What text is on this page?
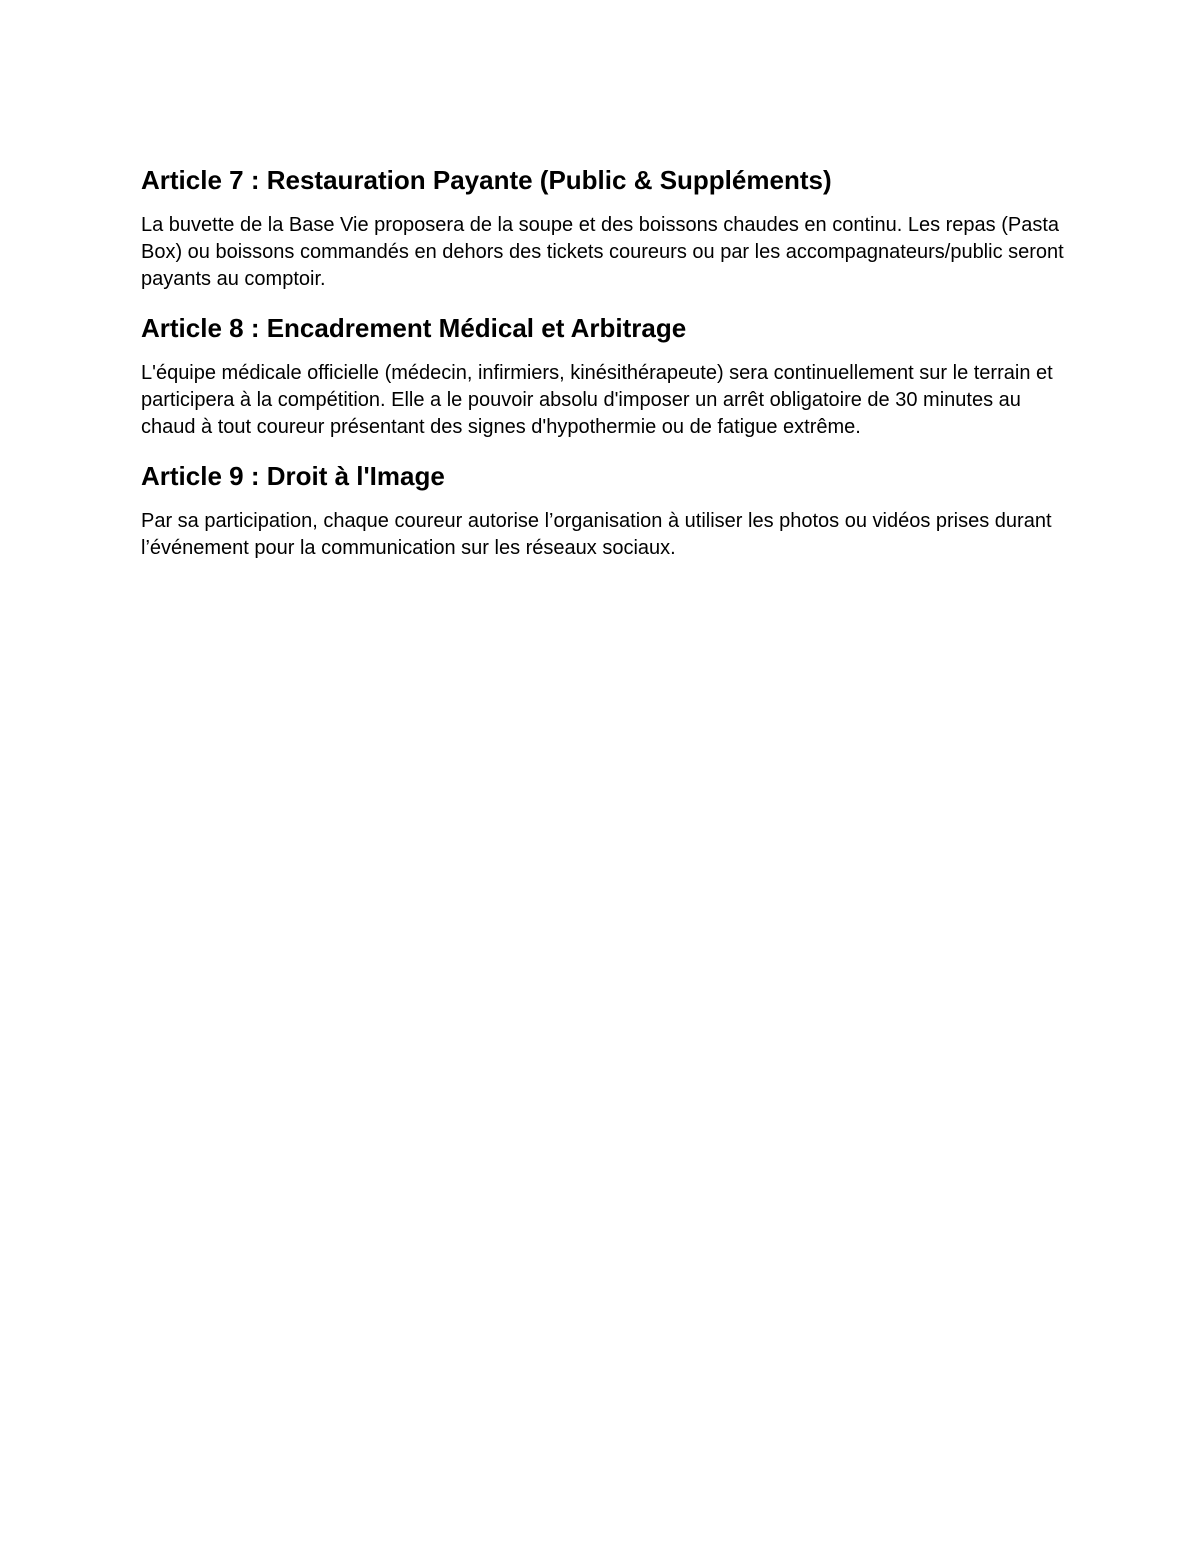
Article 7 : Restauration Payante (Public & Suppléments)

La buvette de la Base Vie proposera de la soupe et des boissons chaudes en continu. Les repas (Pasta Box) ou boissons commandés en dehors des tickets coureurs ou par les accompagnateurs/public seront payants au comptoir.

Article 8 : Encadrement Médical et Arbitrage

L'équipe médicale officielle (médecin, infirmiers, kinésithérapeute) sera continuellement sur le terrain et participera à la compétition. Elle a le pouvoir absolu d'imposer un arrêt obligatoire de 30 minutes au chaud à tout coureur présentant des signes d'hypothermie ou de fatigue extrême.

Article 9 : Droit à l'Image

Par sa participation, chaque coureur autorise l’organisation à utiliser les photos ou vidéos prises durant l’événement pour la communication sur les réseaux sociaux.
